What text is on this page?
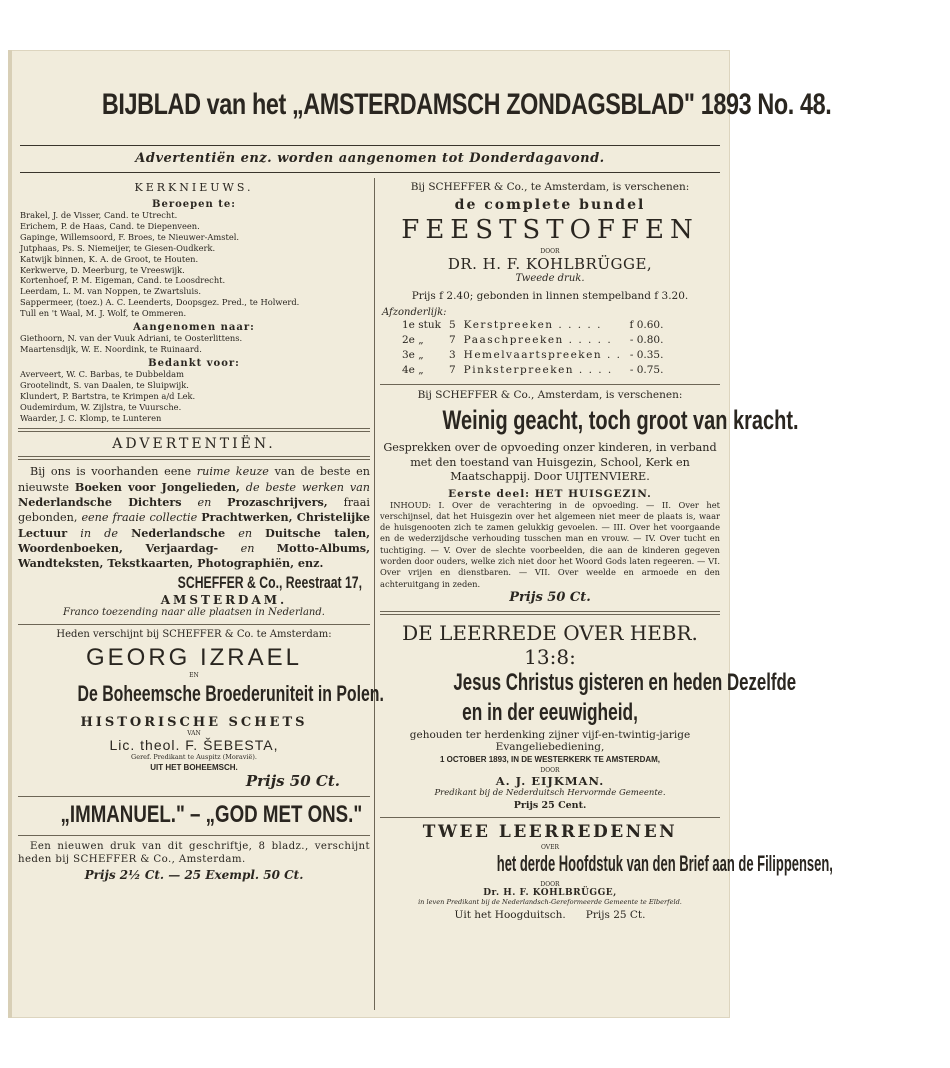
BIJBLAD van het „AMSTERDAMSCH ZONDAGSBLAD" 1893 No. 48.
Advertentiën enz. worden aangenomen tot Donderdagavond.

KERKNIEUWS.

Beroepen te:

Brakel, J. de Visser, Cand. te Utrecht.
Erichem, P. de Haas, Cand. te Diepenveen.
Gapinge, Willemsoord, F. Broes, te Nieuwer-Amstel.
Jutphaas, Ps. S. Niemeijer, te Giesen-Oudkerk.
Katwijk binnen, K. A. de Groot, te Houten.
Kerkwerve, D. Meerburg, te Vreeswijk.
Kortenhoef, P. M. Eigeman, Cand. te Loosdrecht.
Leerdam, L. M. van Noppen, te Zwartsluis.
Sappermeer, (toez.) A. C. Leenderts, Doopsgez. Pred., te Holwerd.
Tull en 't Waal, M. J. Wolf, te Ommeren.

Aangenomen naar:

Giethoorn, N. van der Vuuk Adriani, te Oosterlittens.
Maartensdijk, W. E. Noordink, te Ruinaard.

Bedankt voor:

Averveert, W. C. Barbas, te Dubbeldam
Grootelindt, S. van Daalen, te Sluipwijk.
Klundert, P. Bartstra, te Krimpen a/d Lek.
Oudemirdum, W. Zijlstra, te Vuursche.
Waarder, J. C. Klomp, te Lunteren

ADVERTENTIËN.

Bij ons is voorhanden eene ruime keuze van de beste en nieuwste Boeken voor Jongelieden, de beste werken van Nederlandsche Dichters en Prozaschrijvers, fraai gebonden, eene fraaie collectie Prachtwerken, Christelijke Lectuur in de Nederlandsche en Duitsche talen, Woordenboeken, Verjaardag- en Motto-Albums, Wandteksten, Tekstkaarten, Photographiën, enz.

SCHEFFER & Co., Reestraat 17,

AMSTERDAM.

Franco toezending naar alle plaatsen in Nederland.

Heden verschijnt bij SCHEFFER & Co. te Amsterdam:

GEORG IZRAEL

EN

De Boheemsche Broederuniteit in Polen.

HISTORISCHE SCHETS

VAN

Lic. theol. F. ŠEBESTA,

Geref. Predikant te Auspitz (Moravië).

UIT HET BOHEEMSCH.

Prijs 50 Ct.

„IMMANUEL." – „GOD MET ONS."

Een nieuwen druk van dit geschriftje, 8 bladz., verschijnt heden bij SCHEFFER & Co., Amsterdam.

Prijs 2½ Ct. — 25 Exempl. 50 Ct.

Bij SCHEFFER & Co., te Amsterdam, is verschenen:

de complete bundel

FEESTSTOFFEN

DOOR

DR. H. F. KOHLBRÜGGE,

Tweede druk.

Prijs f 2.40; gebonden in linnen stempelband f 3.20.

Afzonderlijk:

1e stuk	5	Kerstpreeken . . . . .	f 0.60.
2e „	7	Paaschpreeken . . . . .	- 0.80.
3e „	3	Hemelvaartspreeken . .	- 0.35.
4e „	7	Pinksterpreeken . . . .	- 0.75.

Bij SCHEFFER & Co., Amsterdam, is verschenen:

Weinig geacht, toch groot van kracht.

Gesprekken over de opvoeding onzer kinderen, in verband met den toestand van Huisgezin, School, Kerk en Maatschappij. Door UIJTENVIERE.

Eerste deel: HET HUISGEZIN.

INHOUD: I. Over de verachtering in de opvoeding. — II. Over het verschijnsel, dat het Huisgezin over het algemeen niet meer de plaats is, waar de huisgenooten zich te zamen gelukkig gevoelen. — III. Over het voorgaande en de wederzijdsche verhouding tusschen man en vrouw. — IV. Over tucht en tuchtiging. — V. Over de slechte voorbeelden, die aan de kinderen gegeven worden door ouders, welke zich niet door het Woord Gods laten regeeren. — VI. Over vrijen en dienstbaren. — VII. Over weelde en armoede en den achteruitgang in zeden.

Prijs 50 Ct.

DE LEERREDE OVER HEBR. 13:8:

Jesus Christus gisteren en heden Dezelfde

en in der eeuwigheid,

gehouden ter herdenking zijner vijf-en-twintig-jarige

Evangeliebediening,

1 OCTOBER 1893, IN DE WESTERKERK TE AMSTERDAM,

DOOR

A. J. EIJKMAN.

Predikant bij de Nederduitsch Hervormde Gemeente.

Prijs 25 Cent.

TWEE LEERREDENEN

OVER

het derde Hoofdstuk van den Brief aan de Filippensen,

DOOR

Dr. H. F. KOHLBRÜGGE,

in leven Predikant bij de Nederlandsch-Gereformeerde Gemeente te Elberfeld.

Uit het Hoogduitsch.      Prijs 25 Ct.
